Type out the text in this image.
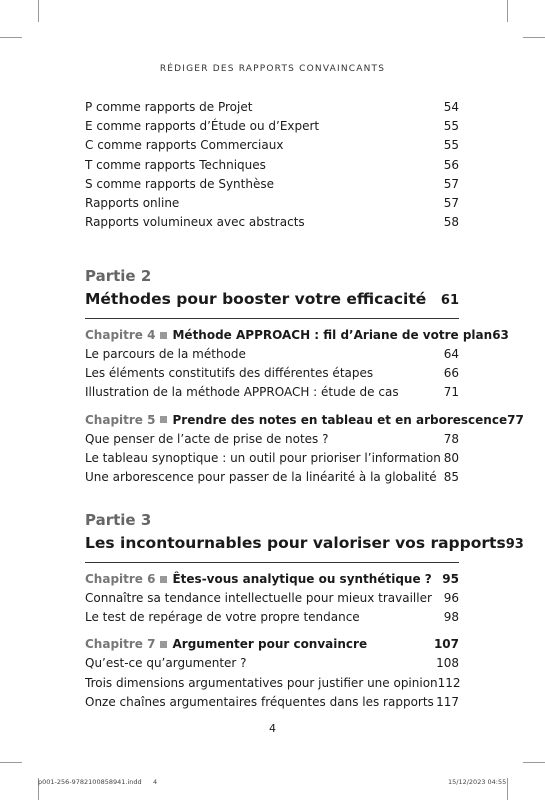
RÉDIGER DES RAPPORTS CONVAINCANTS
P comme rapports de Projet	54
E comme rapports d’Étude ou d’Expert	55
C comme rapports Commerciaux	55
T comme rapports Techniques	56
S comme rapports de Synthèse	57
Rapports online	57
Rapports volumineux avec abstracts	58
Partie 2
Méthodes pour booster votre efficacité 61
Chapitre 4 Méthode APPROACH : fil d’Ariane de votre plan 63
Le parcours de la méthode	64
Les éléments constitutifs des différentes étapes	66
Illustration de la méthode APPROACH : étude de cas	71
Chapitre 5 Prendre des notes en tableau et en arborescence 77
Que penser de l’acte de prise de notes ?	78
Le tableau synoptique : un outil pour prioriser l’information 80
Une arborescence pour passer de la linéarité à la globalité 85
Partie 3
Les incontournables pour valoriser vos rapports 93
Chapitre 6 Êtes-vous analytique ou synthétique ? 95
Connaître sa tendance intellectuelle pour mieux travailler 96
Le test de repérage de votre propre tendance	98
Chapitre 7 Argumenter pour convaincre	107
Qu’est-ce qu’argumenter ?	108
Trois dimensions argumentatives pour justifier une opinion 112
Onze chaînes argumentaires fréquentes dans les rapports 117
4
p001-256-9782100858941.indd 4	15/12/2023 04:55
